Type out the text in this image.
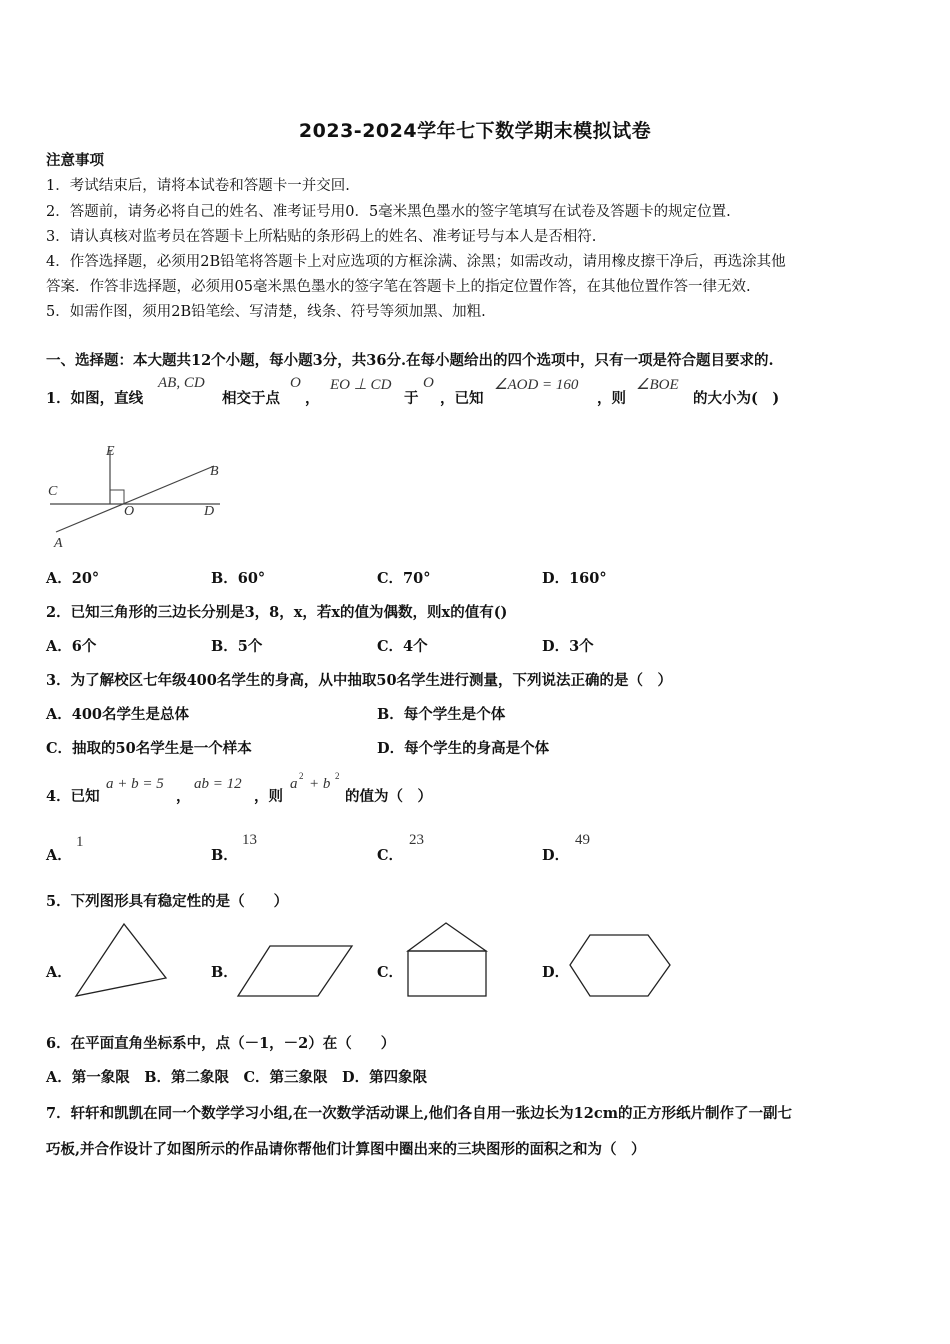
2023-2024学年七下数学期末模拟试卷
注意事项
1．考试结束后，请将本试卷和答题卡一并交回.
2．答题前，请务必将自己的姓名、准考证号用0．5毫米黑色墨水的签字笔填写在试卷及答题卡的规定位置.
3．请认真核对监考员在答题卡上所粘贴的条形码上的姓名、准考证号与本人是否相符.
4．作答选择题，必须用2B铅笔将答题卡上对应选项的方框涂满、涂黑；如需改动，请用橡皮擦干净后，再选涂其他
答案．作答非选择题，必须用05毫米黑色墨水的签字笔在答题卡上的指定位置作答，在其他位置作答一律无效.
5．如需作图，须用2B铅笔绘、写清楚，线条、符号等须加黑、加粗.
一、选择题：本大题共12个小题，每小题3分，共36分.在每小题给出的四个选项中，只有一项是符合题目要求的.
1．如图，直线
AB, CD
相交于点
O
，
EO ⊥ CD
于
O
，已知
∠AOD = 160
，则
∠BOE
的大小为(　)
E
C
B
O	D
A
A．20°	B．60°	C．70°	D．160°
2．已知三角形的三边长分别是3，8，x，若x的值为偶数，则x的值有()
A．6个	B．5个	C．4个	D．3个
3．为了解校区七年级400名学生的身高，从中抽取50名学生进行测量，下列说法正确的是（　）
A．400名学生是总体	B．每个学生是个体
C．抽取的50名学生是一个样本	D．每个学生的身高是个体
4．已知
a + b = 5
，
ab = 12
，则
a 2 + b 2
的值为（　）
A．
1
B．
13
C．
23
D．
49
5．下列图形具有稳定性的是（　　）
A．	B．	C．	D．
6．在平面直角坐标系中，点（－1，－2）在（　　）
A．第一象限　B．第二象限　C．第三象限　D．第四象限
7．轩轩和凯凯在同一个数学学习小组,在一次数学活动课上,他们各自用一张边长为12cm的正方形纸片制作了一副七
巧板,并合作设计了如图所示的作品请你帮他们计算图中圈出来的三块图形的面积之和为（　）
